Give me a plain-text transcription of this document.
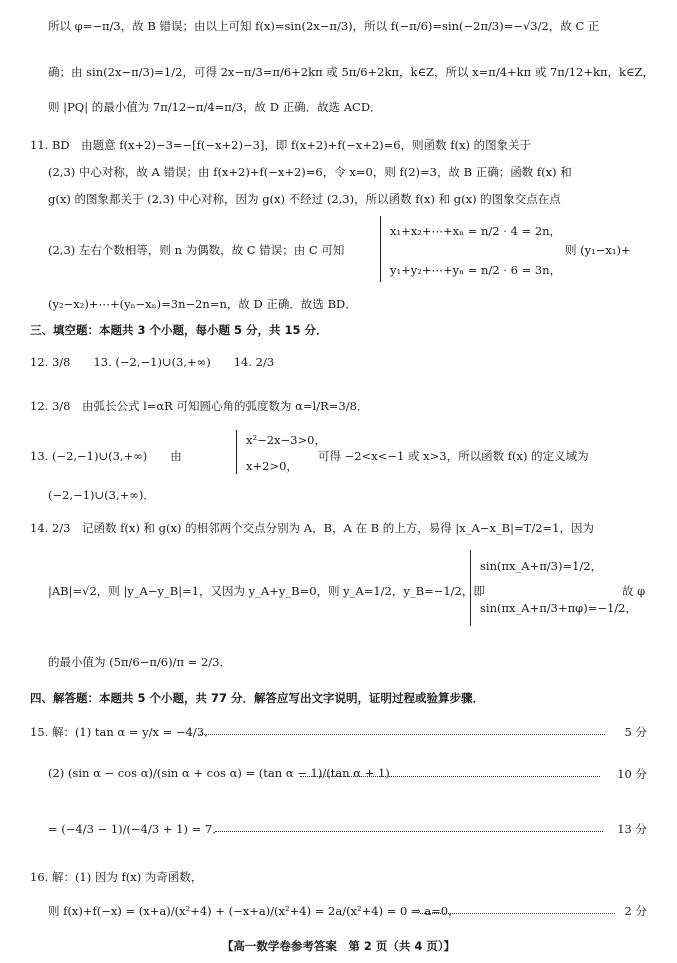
所以 φ=−π/3，故 B 错误；由以上可知 f(x)=sin(2x−π/3)，所以 f(−π/6)=sin(−2π/3)=−√3/2，故 C 正
确；由 sin(2x−π/3)=1/2，可得 2x−π/3=π/6+2kπ 或 5π/6+2kπ，k∈Z，所以 x=π/4+kπ 或 7π/12+kπ，k∈Z，
则 |PQ| 的最小值为 7π/12−π/4=π/3，故 D 正确．故选 ACD．
11. BD　由题意 f(x+2)−3=−[f(−x+2)−3]，即 f(x+2)+f(−x+2)=6，则函数 f(x) 的图象关于
(2,3) 中心对称，故 A 错误；由 f(x+2)+f(−x+2)=6，令 x=0，则 f(2)=3，故 B 正确；函数 f(x) 和
g(x) 的图象都关于 (2,3) 中心对称，因为 g(x) 不经过 (2,3)，所以函数 f(x) 和 g(x) 的图象交点在点
(2,3) 左右个数相等，则 n 为偶数，故 C 错误；由 C 可知
x₁+x₂+⋯+xₙ = n/2 · 4 = 2n，
y₁+y₂+⋯+yₙ = n/2 · 6 = 3n，
则 (y₁−x₁)+
(y₂−x₂)+⋯+(yₙ−xₙ)=3n−2n=n，故 D 正确．故选 BD．
三、填空题：本题共 3 个小题，每小题 5 分，共 15 分．
12. 3/8　　13. (−2,−1)∪(3,+∞)　　14. 2/3
12. 3/8　由弧长公式 l=αR 可知圆心角的弧度数为 α=l/R=3/8．
13. (−2,−1)∪(3,+∞)　　由
x²−2x−3>0，
x+2>0，
可得 −2<x<−1 或 x>3，所以函数 f(x) 的定义域为
(−2,−1)∪(3,+∞)．
14. 2/3　记函数 f(x) 和 g(x) 的相邻两个交点分别为 A，B，A 在 B 的上方，易得 |x_A−x_B|=T/2=1，因为
|AB|=√2，则 |y_A−y_B|=1，又因为 y_A+y_B=0，则 y_A=1/2，y_B=−1/2，即
sin(πx_A+π/3)=1/2，
sin(πx_A+π/3+πφ)=−1/2，
故 φ
的最小值为 (5π/6−π/6)/π = 2/3．
四、解答题：本题共 5 个小题，共 77 分．解答应写出文字说明，证明过程或验算步骤．
15. 解：(1) tan α = y/x = −4/3．	5 分
(2) (sin α − cos α)/(sin α + cos α) = (tan α − 1)/(tan α + 1)	10 分
= (−4/3 − 1)/(−4/3 + 1) = 7．	13 分
16. 解：(1) 因为 f(x) 为奇函数，
则 f(x)+f(−x) = (x+a)/(x²+4) + (−x+a)/(x²+4) = 2a/(x²+4) = 0 ⇒ a=0，	2 分
【高一数学卷参考答案　第 2 页（共 4 页）】
